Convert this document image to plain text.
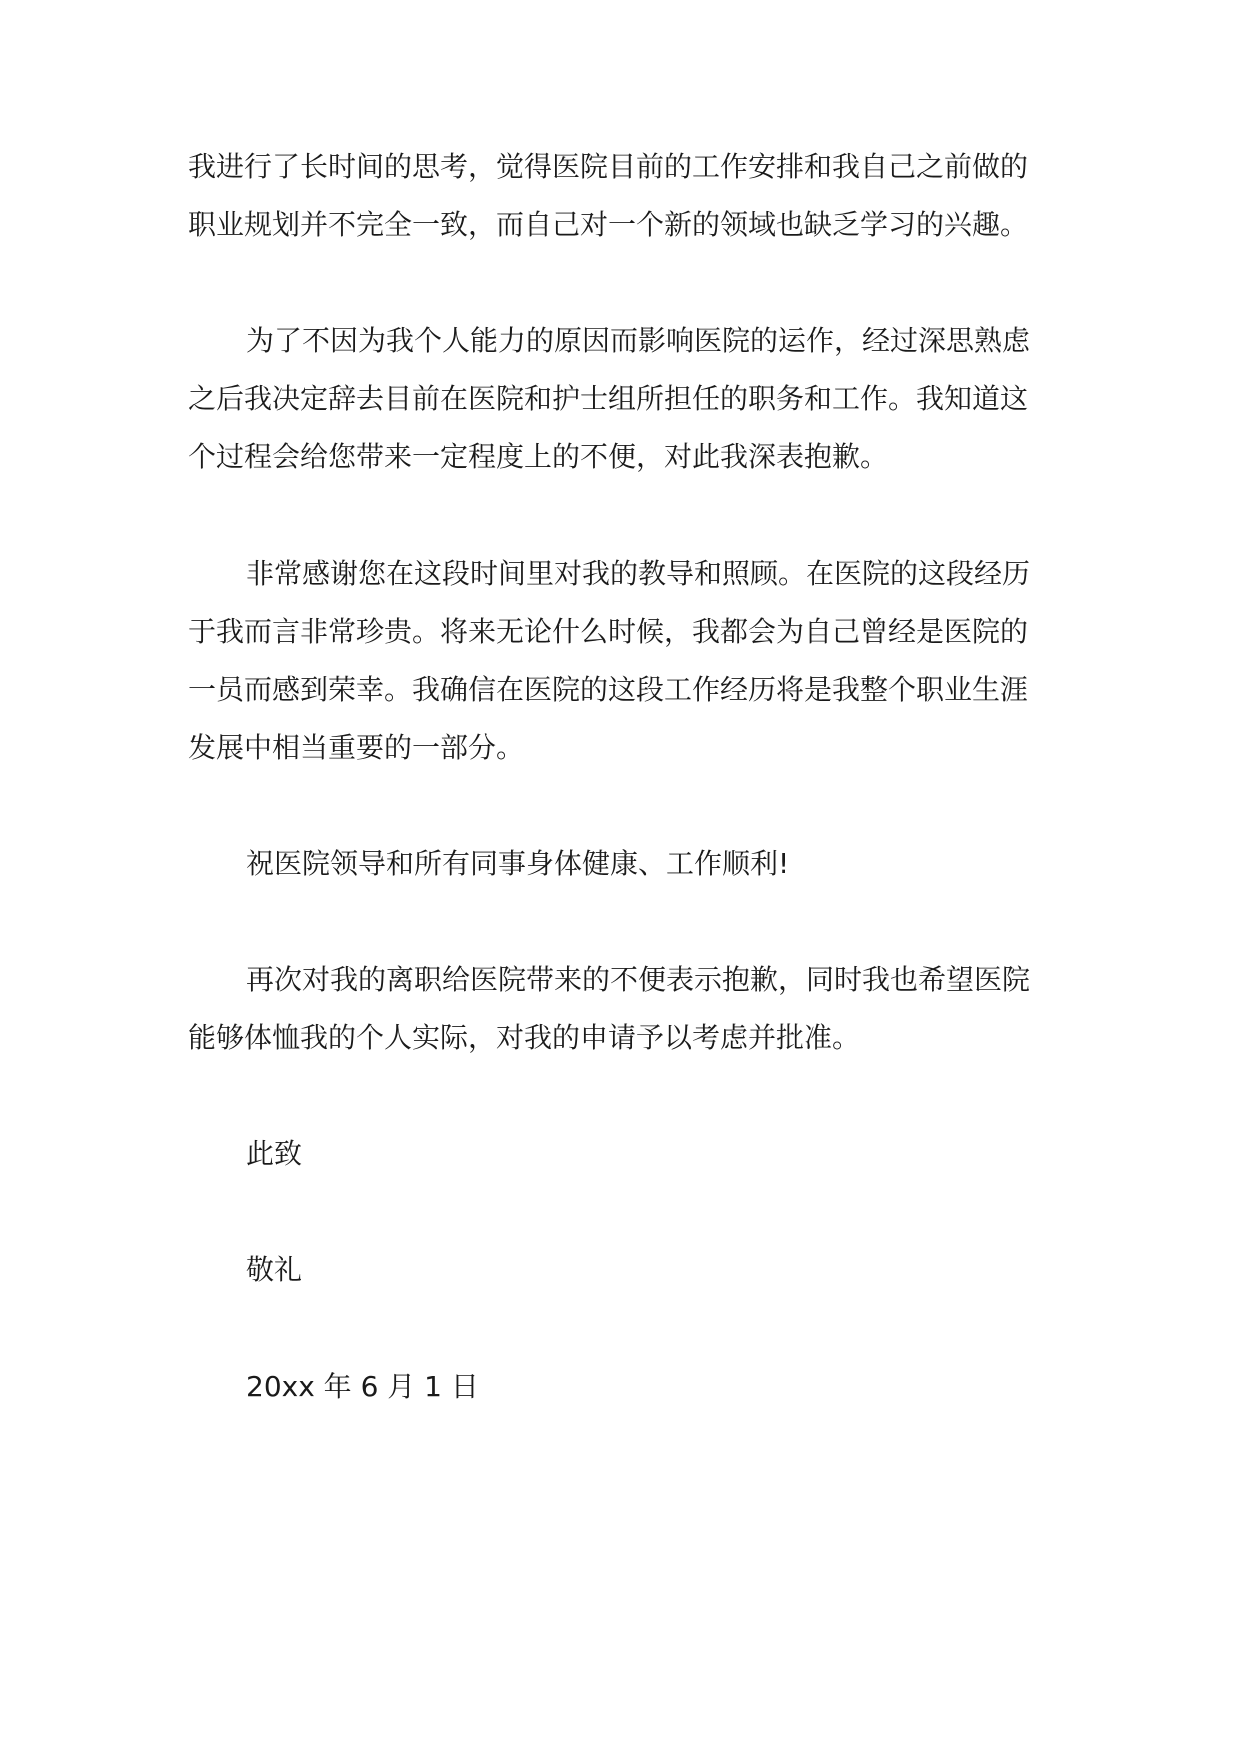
我进行了长时间的思考，觉得医院目前的工作安排和我自己之前做的
职业规划并不完全一致，而自己对一个新的领域也缺乏学习的兴趣。
为了不因为我个人能力的原因而影响医院的运作，经过深思熟虑
之后我决定辞去目前在医院和护士组所担任的职务和工作。我知道这
个过程会给您带来一定程度上的不便，对此我深表抱歉。
非常感谢您在这段时间里对我的教导和照顾。在医院的这段经历
于我而言非常珍贵。将来无论什么时候，我都会为自己曾经是医院的
一员而感到荣幸。我确信在医院的这段工作经历将是我整个职业生涯
发展中相当重要的一部分。
祝医院领导和所有同事身体健康、工作顺利!
再次对我的离职给医院带来的不便表示抱歉，同时我也希望医院
能够体恤我的个人实际，对我的申请予以考虑并批准。
此致
敬礼
20xx 年 6 月 1 日
